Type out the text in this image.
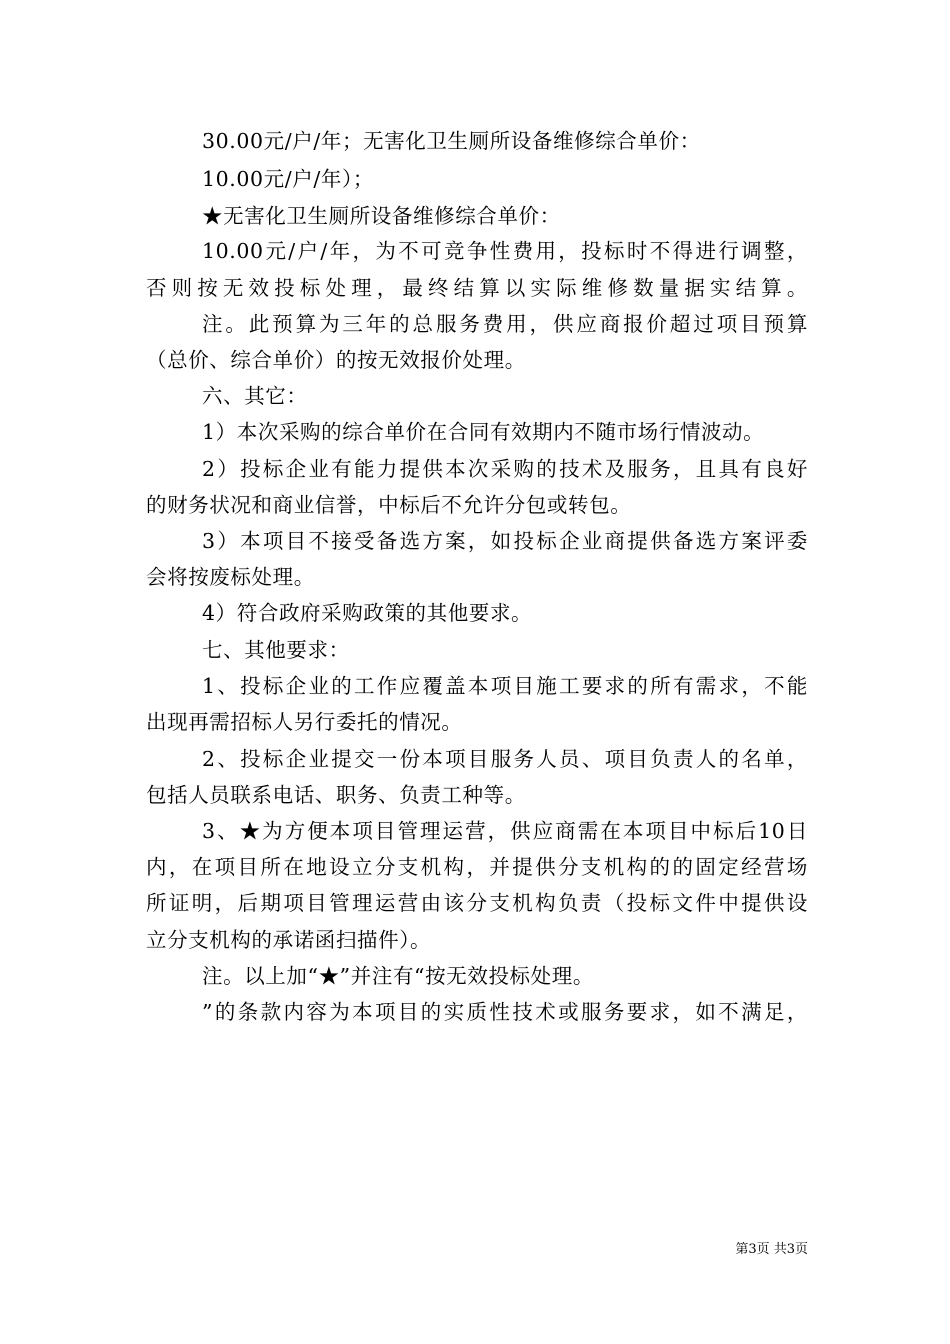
30.00元/户/年；无害化卫生厕所设备维修综合单价：
10.00元/户/年）；
★无害化卫生厕所设备维修综合单价：
10.00元/户/年，为不可竞争性费用，投标时不得进行调整，
否则按无效投标处理，最终结算以实际维修数量据实结算。
注。此预算为三年的总服务费用，供应商报价超过项目预算
（总价、综合单价）的按无效报价处理。
六、其它：
1）本次采购的综合单价在合同有效期内不随市场行情波动。
2）投标企业有能力提供本次采购的技术及服务，且具有良好
的财务状况和商业信誉，中标后不允许分包或转包。
3）本项目不接受备选方案，如投标企业商提供备选方案评委
会将按废标处理。
4）符合政府采购政策的其他要求。
七、其他要求：
1、投标企业的工作应覆盖本项目施工要求的所有需求，不能
出现再需招标人另行委托的情况。
2、投标企业提交一份本项目服务人员、项目负责人的名单，
包括人员联系电话、职务、负责工种等。
3、★为方便本项目管理运营，供应商需在本项目中标后10日
内，在项目所在地设立分支机构，并提供分支机构的的固定经营场
所证明，后期项目管理运营由该分支机构负责（投标文件中提供设
立分支机构的承诺函扫描件）。
注。以上加“★”并注有“按无效投标处理。
”的条款内容为本项目的实质性技术或服务要求，如不满足，
第3页 共3页
